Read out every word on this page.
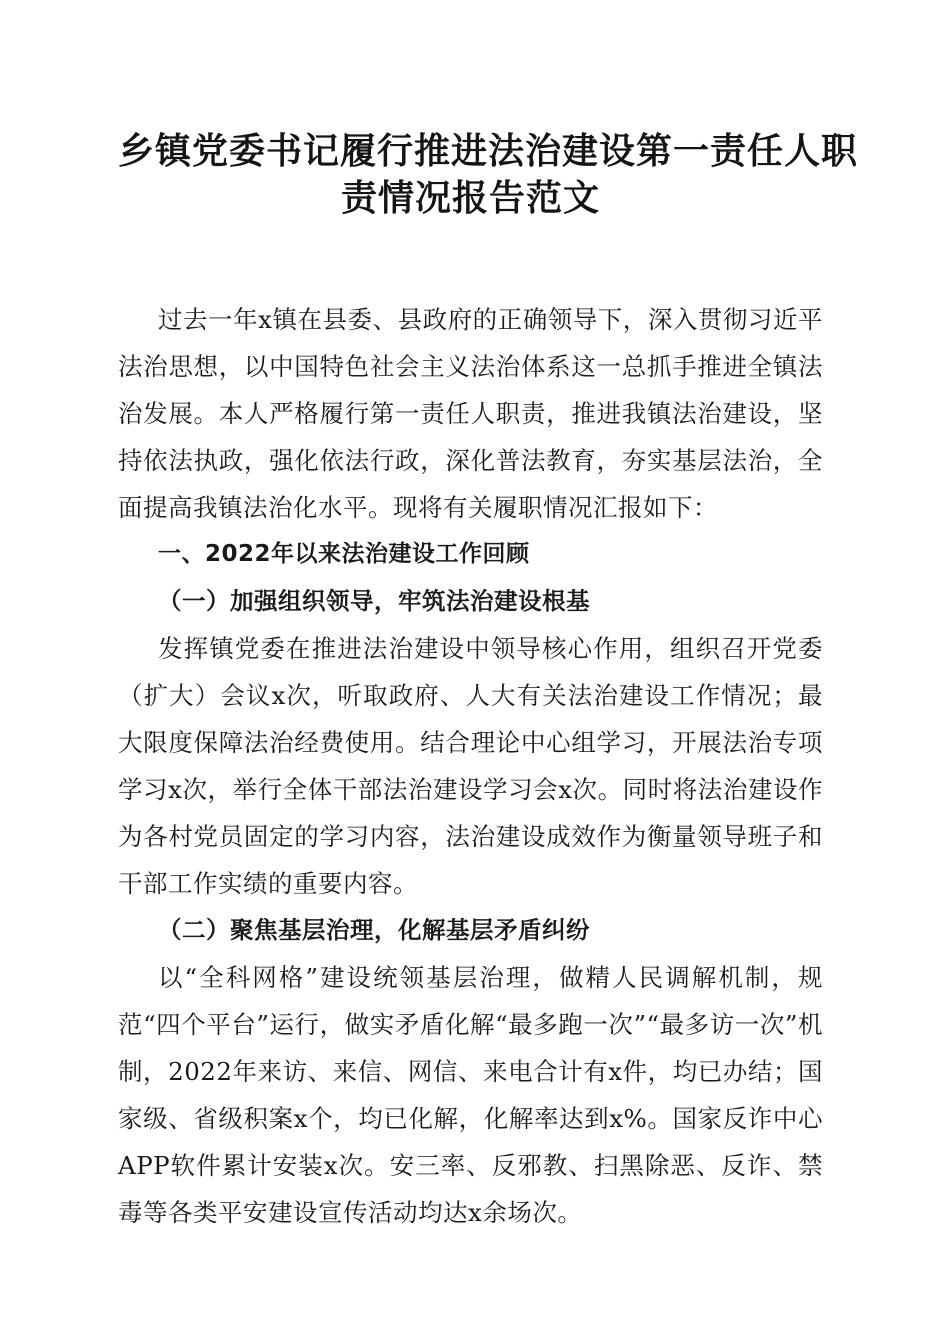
乡镇党委书记履行推进法治建设第一责任人职
责情况报告范文

过去一年x镇在县委、县政府的正确领导下，深入贯彻习近平法治思想，以中国特色社会主义法治体系这一总抓手推进全镇法治发展。本人严格履行第一责任人职责，推进我镇法治建设，坚持依法执政，强化依法行政，深化普法教育，夯实基层法治，全面提高我镇法治化水平。现将有关履职情况汇报如下：

一、2022年以来法治建设工作回顾

（一）加强组织领导，牢筑法治建设根基

发挥镇党委在推进法治建设中领导核心作用，组织召开党委（扩大）会议x次，听取政府、人大有关法治建设工作情况；最大限度保障法治经费使用。结合理论中心组学习，开展法治专项学习x次，举行全体干部法治建设学习会x次。同时将法治建设作为各村党员固定的学习内容，法治建设成效作为衡量领导班子和干部工作实绩的重要内容。

（二）聚焦基层治理，化解基层矛盾纠纷

以“全科网格”建设统领基层治理，做精人民调解机制，规范“四个平台”运行，做实矛盾化解“最多跑一次”“最多访一次”机制，2022年来访、来信、网信、来电合计有x件，均已办结；国家级、省级积案x个，均已化解，化解率达到x%。国家反诈中心APP软件累计安装x次。安三率、反邪教、扫黑除恶、反诈、禁毒等各类平安建设宣传活动均达x余场次。
